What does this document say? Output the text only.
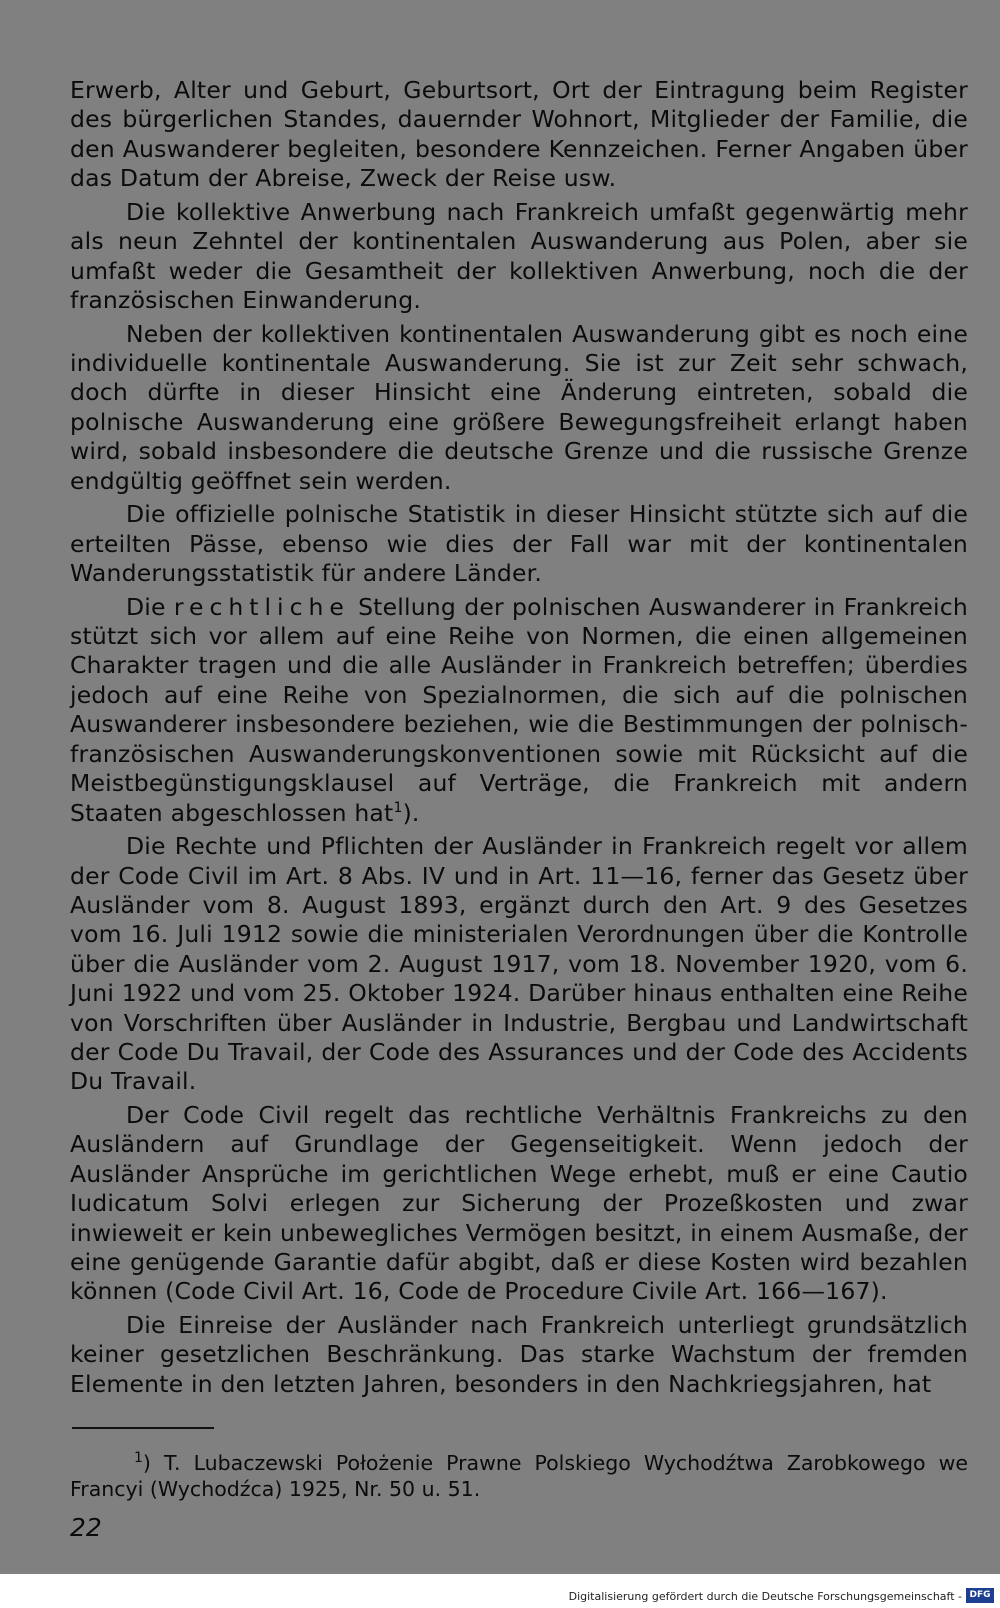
Erwerb, Alter und Geburt, Geburtsort, Ort der Eintragung beim Register des bürgerlichen Standes, dauernder Wohnort, Mitglieder der Familie, die den Auswanderer begleiten, besondere Kennzeichen. Ferner Angaben über das Datum der Abreise, Zweck der Reise usw.

Die kollektive Anwerbung nach Frankreich umfaßt gegenwärtig mehr als neun Zehntel der kontinentalen Auswanderung aus Polen, aber sie umfaßt weder die Gesamtheit der kollektiven Anwerbung, noch die der französischen Einwanderung.

Neben der kollektiven kontinentalen Auswanderung gibt es noch eine individuelle kontinentale Auswanderung. Sie ist zur Zeit sehr schwach, doch dürfte in dieser Hinsicht eine Änderung eintreten, sobald die polnische Auswanderung eine größere Bewegungsfreiheit erlangt haben wird, sobald insbesondere die deutsche Grenze und die russische Grenze endgültig geöffnet sein werden.

Die offizielle polnische Statistik in dieser Hinsicht stützte sich auf die erteilten Pässe, ebenso wie dies der Fall war mit der kontinentalen Wanderungsstatistik für andere Länder.

Die rechtliche Stellung der polnischen Auswanderer in Frankreich stützt sich vor allem auf eine Reihe von Normen, die einen allgemeinen Charakter tragen und die alle Ausländer in Frankreich betreffen; überdies jedoch auf eine Reihe von Spezialnormen, die sich auf die polnischen Auswanderer insbesondere beziehen, wie die Bestimmungen der polnisch-französischen Auswanderungskonventionen sowie mit Rücksicht auf die Meistbegünstigungsklausel auf Verträge, die Frankreich mit andern Staaten abgeschlossen hat$^1$).

Die Rechte und Pflichten der Ausländer in Frankreich regelt vor allem der Code Civil im Art. 8 Abs. IV und in Art. 11—16, ferner das Gesetz über Ausländer vom 8. August 1893, ergänzt durch den Art. 9 des Gesetzes vom 16. Juli 1912 sowie die ministerialen Verordnungen über die Kontrolle über die Ausländer vom 2. August 1917, vom 18. November 1920, vom 6. Juni 1922 und vom 25. Oktober 1924. Darüber hinaus enthalten eine Reihe von Vorschriften über Ausländer in Industrie, Bergbau und Landwirtschaft der Code Du Travail, der Code des Assurances und der Code des Accidents Du Travail.

Der Code Civil regelt das rechtliche Verhältnis Frankreichs zu den Ausländern auf Grundlage der Gegenseitigkeit. Wenn jedoch der Ausländer Ansprüche im gerichtlichen Wege erhebt, muß er eine Cautio Iudicatum Solvi erlegen zur Sicherung der Prozeßkosten und zwar inwieweit er kein unbewegliches Vermögen besitzt, in einem Ausmaße, der eine genügende Garantie dafür abgibt, daß er diese Kosten wird bezahlen können (Code Civil Art. 16, Code de Procedure Civile Art. 166—167).

Die Einreise der Ausländer nach Frankreich unterliegt grundsätzlich keiner gesetzlichen Beschränkung. Das starke Wachstum der fremden Elemente in den letzten Jahren, besonders in den Nachkriegsjahren, hat

$^1$) T. Lubaczewski Położenie Prawne Polskiego Wychodźtwa Zarobkowego we Francyi (Wychodźca) 1925, Nr. 50 u. 51.
22
Digitalisierung gefördert durch die Deutsche Forschungsgemeinschaft - DFG
